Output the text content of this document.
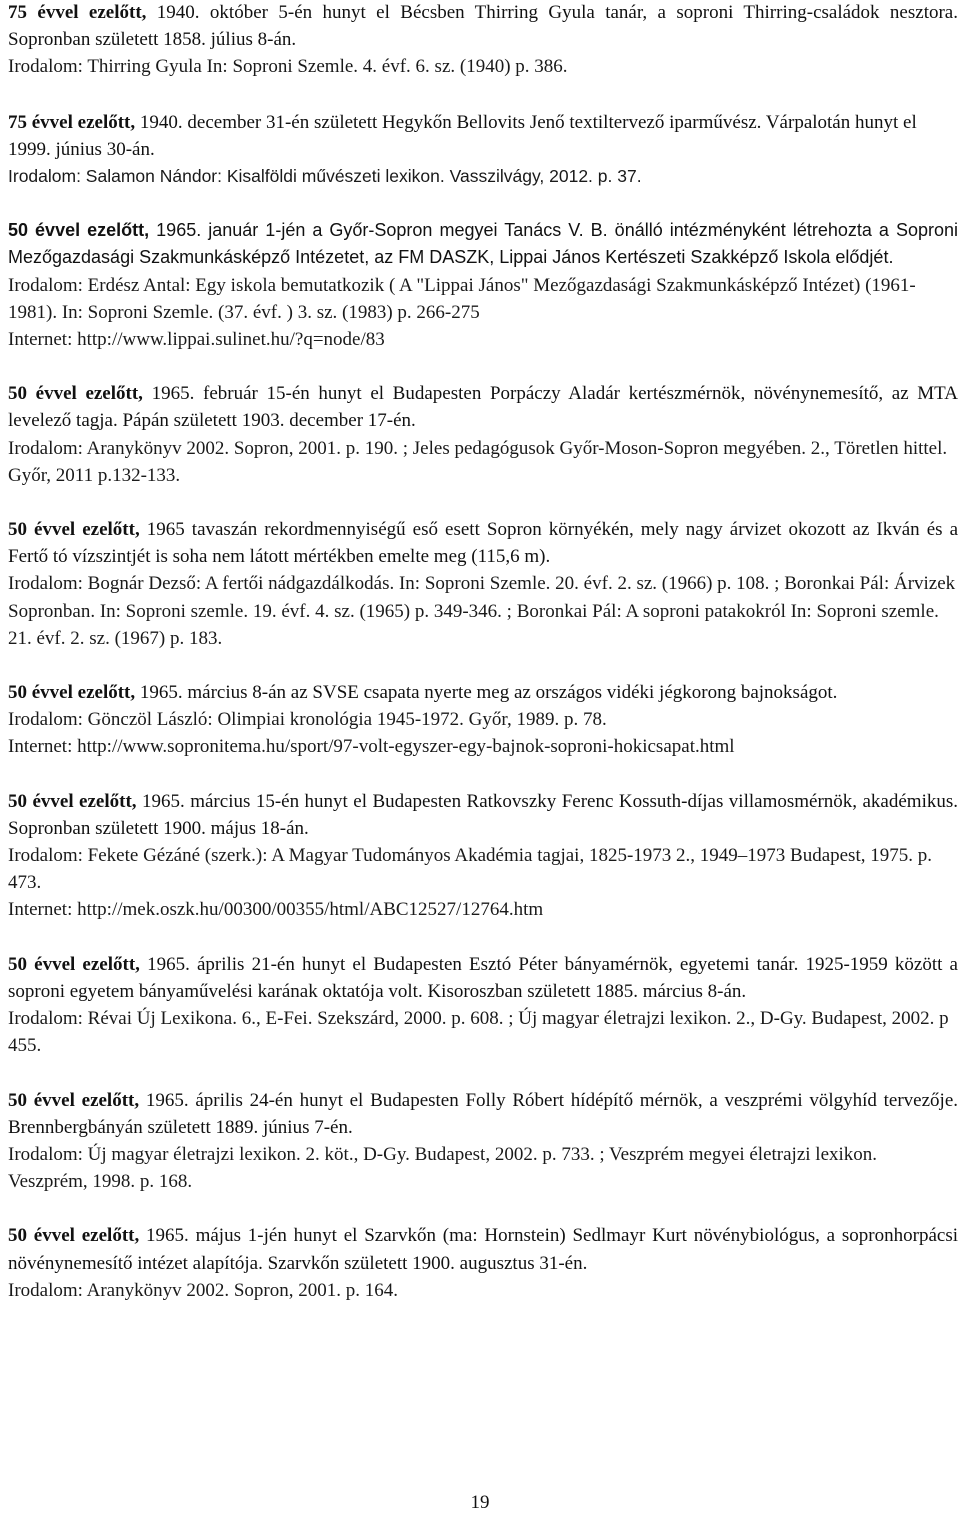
75 évvel ezelőtt, 1940. október 5-én hunyt el Bécsben Thirring Gyula tanár, a soproni Thirring-családok nesztora. Sopronban született 1858. július 8-án.
Irodalom: Thirring Gyula In: Soproni Szemle. 4. évf. 6. sz. (1940) p. 386.
75 évvel ezelőtt, 1940. december 31-én született Hegykőn Bellovits Jenő textiltervező iparművész. Várpalotán hunyt el 1999. június 30-án.
Irodalom: Salamon Nándor: Kisalföldi művészeti lexikon. Vasszilvágy, 2012. p. 37.
50 évvel ezelőtt, 1965. január 1-jén a Győr-Sopron megyei Tanács V. B. önálló intézményként létrehozta a Soproni Mezőgazdasági Szakmunkásképző Intézetet, az FM DASZK, Lippai János Kertészeti Szakképző Iskola elődjét.
Irodalom: Erdész Antal: Egy iskola bemutatkozik ( A "Lippai János" Mezőgazdasági Szakmunkásképző Intézet) (1961-1981). In: Soproni Szemle. (37. évf. ) 3. sz. (1983) p. 266-275
Internet: http://www.lippai.sulinet.hu/?q=node/83
50 évvel ezelőtt, 1965. február 15-én hunyt el Budapesten Porpáczy Aladár kertészmérnök, növénynemesítő, az MTA levelező tagja. Pápán született 1903. december 17-én.
Irodalom: Aranykönyv 2002. Sopron, 2001. p. 190. ; Jeles pedagógusok Győr-Moson-Sopron megyében. 2., Töretlen hittel. Győr, 2011 p.132-133.
50 évvel ezelőtt, 1965 tavaszán rekordmennyiségű eső esett Sopron környékén, mely nagy árvizet okozott az Ikván és a Fertő tó vízszintjét is soha nem látott mértékben emelte meg (115,6 m).
Irodalom: Bognár Dezső: A fertői nádgazdálkodás. In: Soproni Szemle. 20. évf. 2. sz. (1966) p. 108. ; Boronkai Pál: Árvizek Sopronban. In: Soproni szemle. 19. évf. 4. sz. (1965) p. 349-346. ; Boronkai Pál: A soproni patakokról In: Soproni szemle. 21. évf. 2. sz. (1967) p. 183.
50 évvel ezelőtt, 1965. március 8-án az SVSE csapata nyerte meg az országos vidéki jégkorong bajnokságot.
Irodalom: Gönczöl László: Olimpiai kronológia 1945-1972. Győr, 1989. p. 78.
Internet: http://www.sopronitema.hu/sport/97-volt-egyszer-egy-bajnok-soproni-hokicsapat.html
50 évvel ezelőtt, 1965. március 15-én hunyt el Budapesten Ratkovszky Ferenc Kossuth-díjas villamosmérnök, akadémikus. Sopronban született 1900. május 18-án.
Irodalom: Fekete Gézáné (szerk.): A Magyar Tudományos Akadémia tagjai, 1825-1973 2., 1949–1973 Budapest, 1975. p. 473.
Internet: http://mek.oszk.hu/00300/00355/html/ABC12527/12764.htm
50 évvel ezelőtt, 1965. április 21-én hunyt el Budapesten Esztó Péter bányamérnök, egyetemi tanár. 1925-1959 között a soproni egyetem bányaművelési karának oktatója volt. Kisoroszban született 1885. március 8-án.
Irodalom: Révai Új Lexikona. 6., E-Fei. Szekszárd, 2000. p. 608. ; Új magyar életrajzi lexikon. 2., D-Gy. Budapest, 2002. p 455.
50 évvel ezelőtt, 1965. április 24-én hunyt el Budapesten Folly Róbert hídépítő mérnök, a veszprémi völgyhíd tervezője. Brennbergbányán született 1889. június 7-én.
Irodalom: Új magyar életrajzi lexikon. 2. köt., D-Gy. Budapest, 2002. p. 733. ; Veszprém megyei életrajzi lexikon. Veszprém, 1998. p. 168.
50 évvel ezelőtt, 1965. május 1-jén hunyt el Szarvkőn (ma: Hornstein) Sedlmayr Kurt növénybiológus, a sopronhorpácsi növénynemesítő intézet alapítója. Szarvkőn született 1900. augusztus 31-én.
Irodalom: Aranykönyv 2002. Sopron, 2001. p. 164.
19
